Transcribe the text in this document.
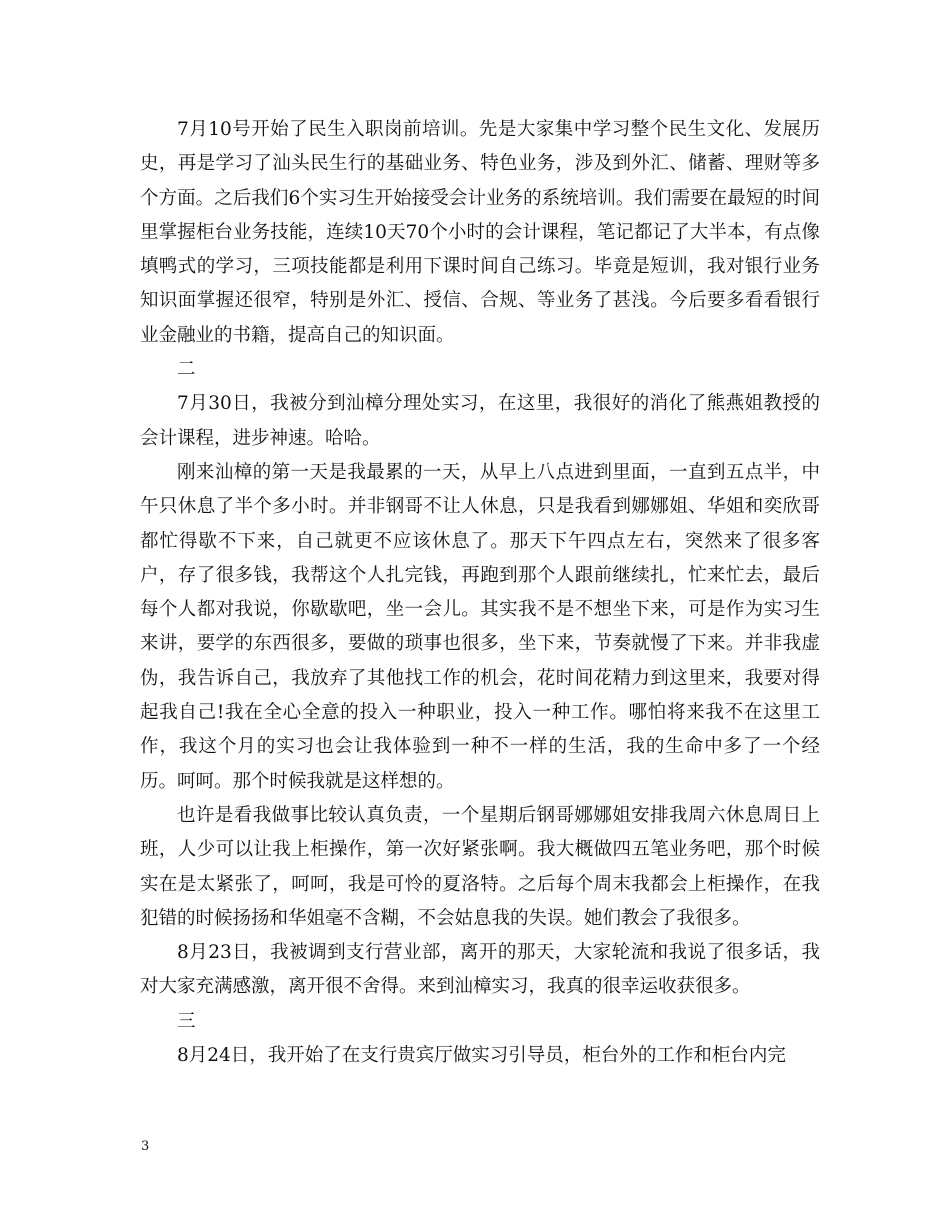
7月10号开始了民生入职岗前培训。先是大家集中学习整个民生文化、发展历史，再是学习了汕头民生行的基础业务、特色业务，涉及到外汇、储蓄、理财等多个方面。之后我们6个实习生开始接受会计业务的系统培训。我们需要在最短的时间里掌握柜台业务技能，连续10天70个小时的会计课程，笔记都记了大半本，有点像填鸭式的学习，三项技能都是利用下课时间自己练习。毕竟是短训，我对银行业务知识面掌握还很窄，特别是外汇、授信、合规、等业务了甚浅。今后要多看看银行业金融业的书籍，提高自己的知识面。

二

7月30日，我被分到汕樟分理处实习，在这里，我很好的消化了熊燕姐教授的会计课程，进步神速。哈哈。

刚来汕樟的第一天是我最累的一天，从早上八点进到里面，一直到五点半，中午只休息了半个多小时。并非钢哥不让人休息，只是我看到娜娜姐、华姐和奕欣哥都忙得歇不下来，自己就更不应该休息了。那天下午四点左右，突然来了很多客户，存了很多钱，我帮这个人扎完钱，再跑到那个人跟前继续扎，忙来忙去，最后每个人都对我说，你歇歇吧，坐一会儿。其实我不是不想坐下来，可是作为实习生来讲，要学的东西很多，要做的琐事也很多，坐下来，节奏就慢了下来。并非我虚伪，我告诉自己，我放弃了其他找工作的机会，花时间花精力到这里来，我要对得起我自己!我在全心全意的投入一种职业，投入一种工作。哪怕将来我不在这里工作，我这个月的实习也会让我体验到一种不一样的生活，我的生命中多了一个经历。呵呵。那个时候我就是这样想的。

也许是看我做事比较认真负责，一个星期后钢哥娜娜姐安排我周六休息周日上班，人少可以让我上柜操作，第一次好紧张啊。我大概做四五笔业务吧，那个时候实在是太紧张了，呵呵，我是可怜的夏洛特。之后每个周末我都会上柜操作，在我犯错的时候扬扬和华姐毫不含糊，不会姑息我的失误。她们教会了我很多。

8月23日，我被调到支行营业部，离开的那天，大家轮流和我说了很多话，我对大家充满感激，离开很不舍得。来到汕樟实习，我真的很幸运收获很多。

三

8月24日，我开始了在支行贵宾厅做实习引导员，柜台外的工作和柜台内完

3
